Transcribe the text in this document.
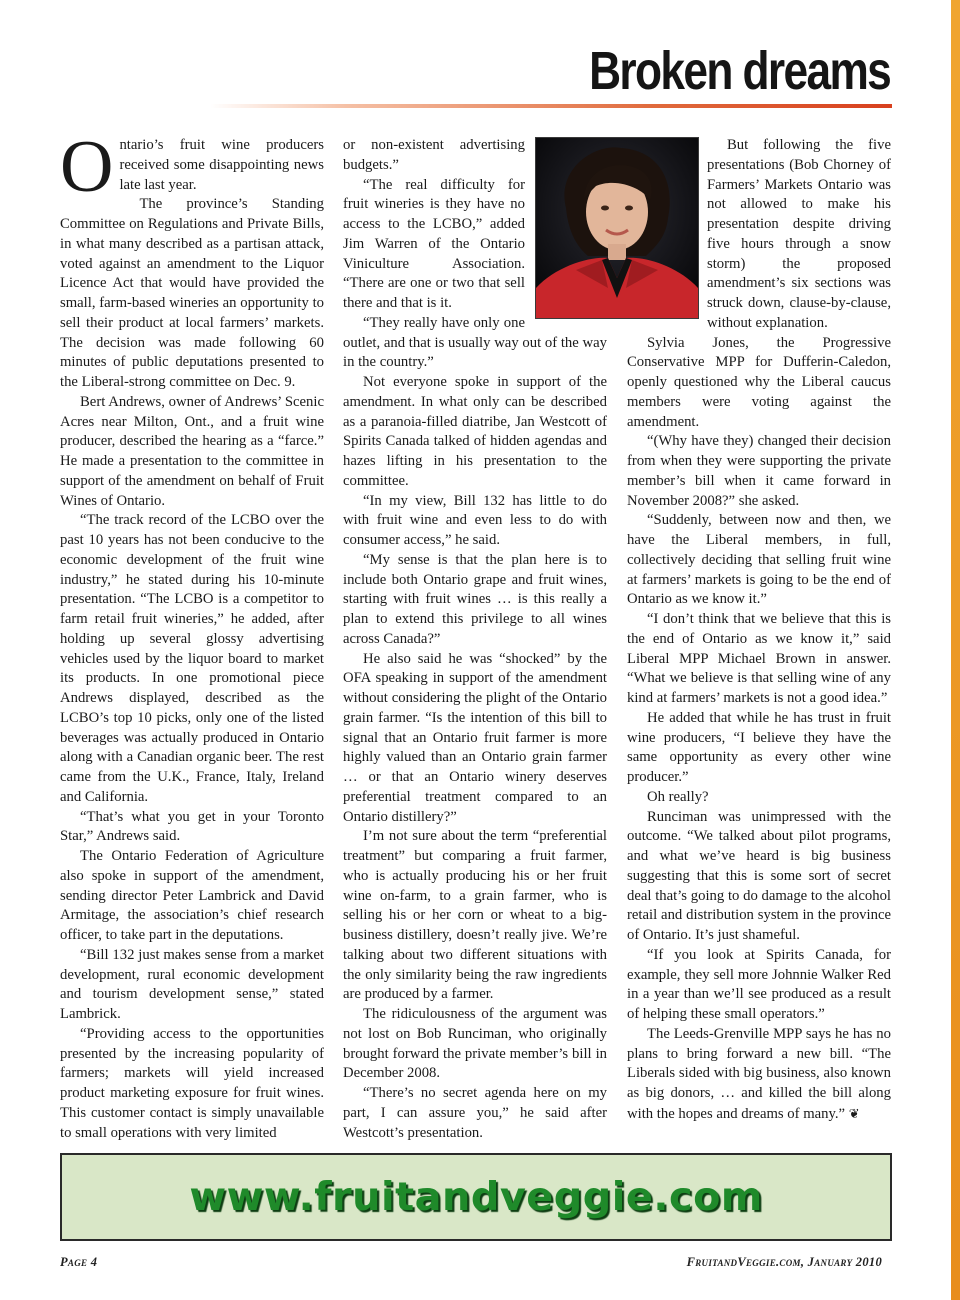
Broken dreams

Ontario’s fruit wine producers received some disappointing news late last year.

The province’s Standing Committee on Regulations and Private Bills, in what many described as a partisan attack, voted against an amendment to the Liquor Licence Act that would have provided the small, farm-based wineries an opportunity to sell their product at local farmers’ markets. The decision was made following 60 minutes of public deputations presented to the Liberal-strong committee on Dec. 9.

Bert Andrews, owner of Andrews’ Scenic Acres near Milton, Ont., and a fruit wine producer, described the hearing as a “farce.” He made a presentation to the committee in support of the amendment on behalf of Fruit Wines of Ontario.

“The track record of the LCBO over the past 10 years has not been conducive to the economic development of the fruit wine industry,” he stated during his 10-minute presentation. “The LCBO is a competitor to farm retail fruit wineries,” he added, after holding up several glossy advertising vehicles used by the liquor board to market its products. In one promotional piece Andrews displayed, described as the LCBO’s top 10 picks, only one of the listed beverages was actually produced in Ontario along with a Canadian organic beer. The rest came from the U.K., France, Italy, Ireland and California.

“That’s what you get in your Toronto Star,” Andrews said.

The Ontario Federation of Agriculture also spoke in support of the amendment, sending director Peter Lambrick and David Armitage, the association’s chief research officer, to take part in the deputations.

“Bill 132 just makes sense from a market development, rural economic development and tourism development sense,” stated Lambrick.

“Providing access to the opportunities presented by the increasing popularity of farmers; markets will yield increased product marketing exposure for fruit wines. This customer contact is simply unavailable to small operations with very limited

or non-existent advertising budgets.”

“The real difficulty for fruit wineries is they have no access to the LCBO,” added Jim Warren of the Ontario Viniculture Association. “There are one or two that sell there and that is it.

“They really have only one outlet, and that is usually way out of the way in the country.”

Not everyone spoke in support of the amendment. In what only can be described as a paranoia-filled diatribe, Jan Westcott of Spirits Canada talked of hidden agendas and hazes lifting in his presentation to the committee.

“In my view, Bill 132 has little to do with fruit wine and even less to do with consumer access,” he said.

“My sense is that the plan here is to include both Ontario grape and fruit wines, starting with fruit wines … is this really a plan to extend this privilege to all wines across Canada?”

He also said he was “shocked” by the OFA speaking in support of the amendment without considering the plight of the Ontario grain farmer. “Is the intention of this bill to signal that an Ontario fruit farmer is more highly valued than an Ontario grain farmer … or that an Ontario winery deserves preferential treatment compared to an Ontario distillery?”

I’m not sure about the term “preferential treatment” but comparing a fruit farmer, who is actually producing his or her fruit wine on-farm, to a grain farmer, who is selling his or her corn or wheat to a big-business distillery, doesn’t really jive. We’re talking about two different situations with the only similarity being the raw ingredients are produced by a farmer.

The ridiculousness of the argument was not lost on Bob Runciman, who originally brought forward the private member’s bill in December 2008.

“There’s no secret agenda here on my part, I can assure you,” he said after Westcott’s presentation.

But following the five presentations (Bob Chorney of Farmers’ Markets Ontario was not allowed to make his presentation despite driving five hours through a snow storm) the proposed amendment’s six sections was struck down, clause-by-clause, without explanation.

Sylvia Jones, the Progressive Conservative MPP for Dufferin-Caledon, openly questioned why the Liberal caucus members were voting against the amendment.

“(Why have they) changed their decision from when they were supporting the private member’s bill when it came forward in November 2008?” she asked.

“Suddenly, between now and then, we have the Liberal members, in full, collectively deciding that selling fruit wine at farmers’ markets is going to be the end of Ontario as we know it.”

“I don’t think that we believe that this is the end of Ontario as we know it,” said Liberal MPP Michael Brown in answer. “What we believe is that selling wine of any kind at farmers’ markets is not a good idea.”

He added that while he has trust in fruit wine producers, “I believe they have the same opportunity as every other wine producer.”

Oh really?

Runciman was unimpressed with the outcome. “We talked about pilot programs, and what we’ve heard is big business suggesting that this is some sort of secret deal that’s going to do damage to the alcohol retail and distribution system in the province of Ontario. It’s just shameful.

“If you look at Spirits Canada, for example, they sell more Johnnie Walker Red in a year than we’ll see produced as a result of helping these small operators.”

The Leeds-Grenville MPP says he has no plans to bring forward a new bill. “The Liberals sided with big business, also known as big donors, … and killed the bill along with the hopes and dreams of many.” ❦

www.fruitandveggie.com
Page 4	FruitandVeggie.com, January 2010
